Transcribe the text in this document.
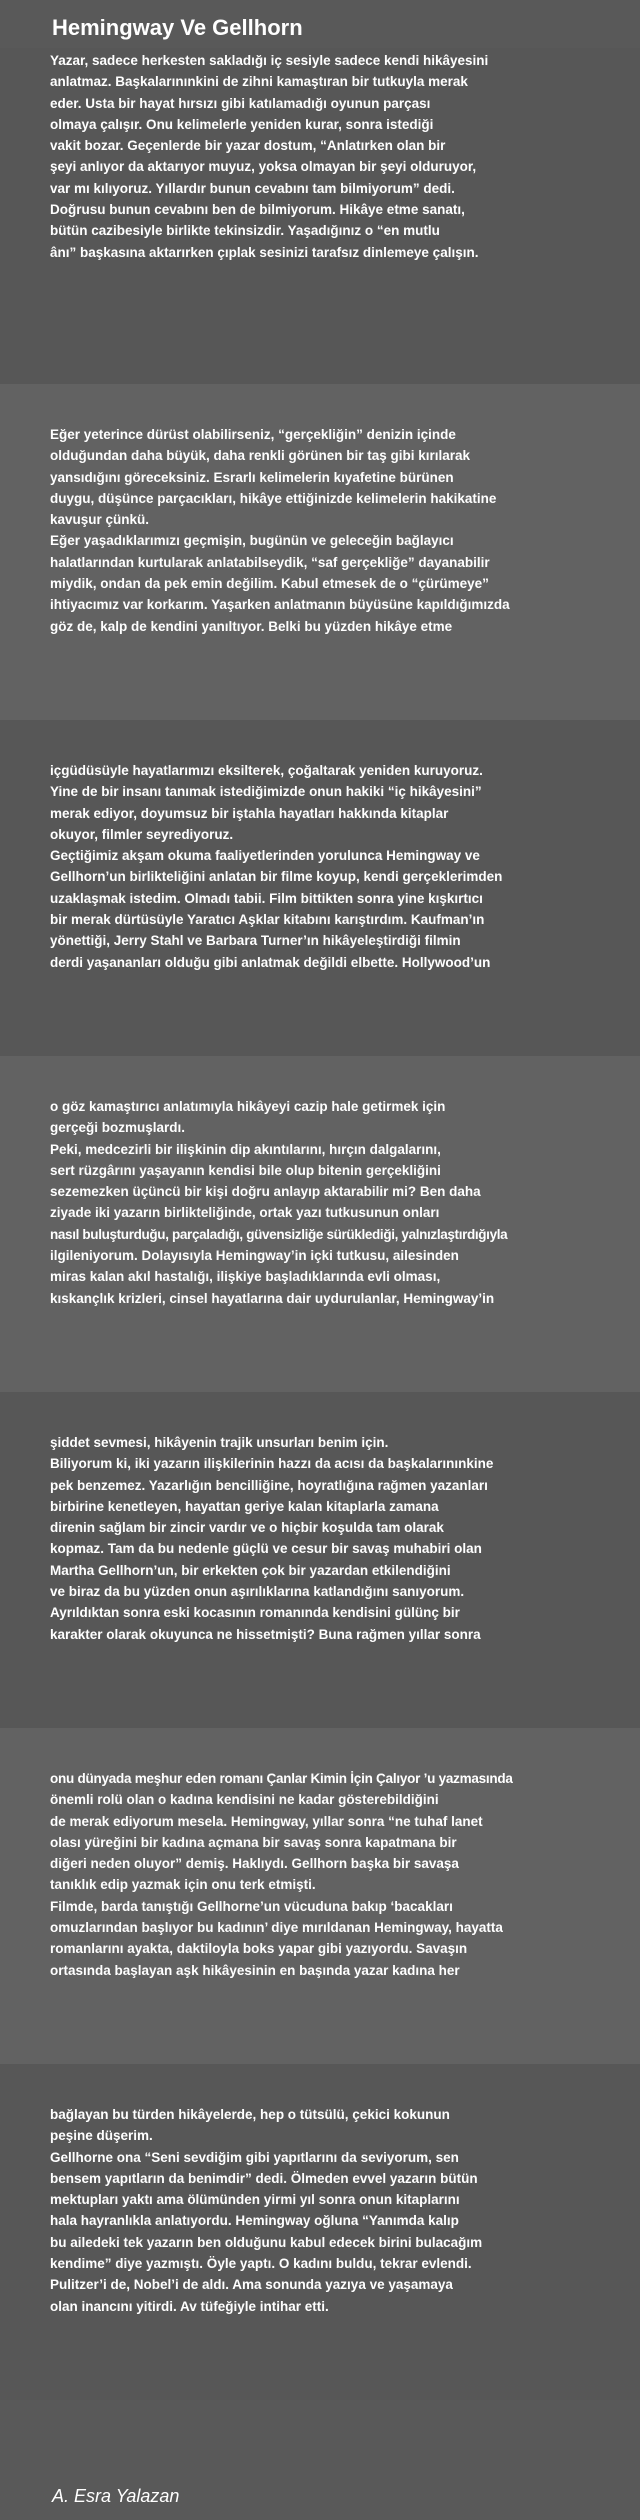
Hemingway Ve Gellhorn
Yazar, sadece herkesten sakladığı iç sesiyle sadece kendi hikâyesini
anlatmaz. Başkalarınınkini de zihni kamaştıran bir tutkuyla merak
eder. Usta bir hayat hırsızı gibi katılamadığı oyunun parçası
olmaya çalışır. Onu kelimelerle yeniden kurar, sonra istediği
vakit bozar. Geçenlerde bir yazar dostum, “Anlatırken olan bir
şeyi anlıyor da aktarıyor muyuz, yoksa olmayan bir şeyi olduruyor,
var mı kılıyoruz. Yıllardır bunun cevabını tam bilmiyorum” dedi.
Doğrusu bunun cevabını ben de bilmiyorum. Hikâye etme sanatı,
bütün cazibesiyle birlikte tekinsizdir. Yaşadığınız o “en mutlu
ânı” başkasına aktarırken çıplak sesinizi tarafsız dinlemeye çalışın.
Eğer yeterince dürüst olabilirseniz, “gerçekliğin” denizin içinde
olduğundan daha büyük, daha renkli görünen bir taş gibi kırılarak
yansıdığını göreceksiniz. Esrarlı kelimelerin kıyafetine bürünen
duygu, düşünce parçacıkları, hikâye ettiğinizde kelimelerin hakikatine
kavuşur çünkü.
Eğer yaşadıklarımızı geçmişin, bugünün ve geleceğin bağlayıcı
halatlarından kurtularak anlatabilseydik, “saf gerçekliğe” dayanabilir
miydik, ondan da pek emin değilim. Kabul etmesek de o “çürümeye”
ihtiyacımız var korkarım. Yaşarken anlatmanın büyüsüne kapıldığımızda
göz de, kalp de kendini yanıltıyor. Belki bu yüzden hikâye etme
içgüdüsüyle hayatlarımızı eksilterek, çoğaltarak yeniden kuruyoruz.
Yine de bir insanı tanımak istediğimizde onun hakiki “iç hikâyesini”
merak ediyor, doyumsuz bir iştahla hayatları hakkında kitaplar
okuyor, filmler seyrediyoruz.
Geçtiğimiz akşam okuma faaliyetlerinden yorulunca Hemingway ve
Gellhorn’un birlikteliğini anlatan bir filme koyup, kendi gerçeklerimden
uzaklaşmak istedim. Olmadı tabii. Film bittikten sonra yine kışkırtıcı
bir merak dürtüsüyle Yaratıcı Aşklar kitabını karıştırdım. Kaufman’ın
yönettiği, Jerry Stahl ve Barbara Turner’ın hikâyeleştirdiği filmin
derdi yaşananları olduğu gibi anlatmak değildi elbette. Hollywood’un
o göz kamaştırıcı anlatımıyla hikâyeyi cazip hale getirmek için
gerçeği bozmuşlardı.
Peki, medcezirli bir ilişkinin dip akıntılarını, hırçın dalgalarını,
sert rüzgârını yaşayanın kendisi bile olup bitenin gerçekliğini
sezemezken üçüncü bir kişi doğru anlayıp aktarabilir mi? Ben daha
ziyade iki yazarın birlikteliğinde, ortak yazı tutkusunun onları
nasıl buluşturduğu, parçaladığı, güvensizliğe sürüklediği, yalnızlaştırdığıyla
ilgileniyorum. Dolayısıyla Hemingway’in içki tutkusu, ailesinden
miras kalan akıl hastalığı, ilişkiye başladıklarında evli olması,
kıskançlık krizleri, cinsel hayatlarına dair uydurulanlar, Hemingway’in
şiddet sevmesi, hikâyenin trajik unsurları benim için.
Biliyorum ki, iki yazarın ilişkilerinin hazzı da acısı da başkalarınınkine
pek benzemez. Yazarlığın bencilliğine, hoyratlığına rağmen yazanları
birbirine kenetleyen, hayattan geriye kalan kitaplarla zamana
direnin sağlam bir zincir vardır ve o hiçbir koşulda tam olarak
kopmaz. Tam da bu nedenle güçlü ve cesur bir savaş muhabiri olan
Martha Gellhorn’un, bir erkekten çok bir yazardan etkilendiğini
ve biraz da bu yüzden onun aşırılıklarına katlandığını sanıyorum.
Ayrıldıktan sonra eski kocasının romanında kendisini gülünç bir
karakter olarak okuyunca ne hissetmişti? Buna rağmen yıllar sonra
onu dünyada meşhur eden romanı Çanlar Kimin İçin Çalıyor ’u yazmasında
önemli rolü olan o kadına kendisini ne kadar gösterebildiğini
de merak ediyorum mesela. Hemingway, yıllar sonra “ne tuhaf lanet
olası yüreğini bir kadına açmana bir savaş sonra kapatmana bir
diğeri neden oluyor” demiş. Haklıydı. Gellhorn başka bir savaşa
tanıklık edip yazmak için onu terk etmişti.
Filmde, barda tanıştığı Gellhorne’un vücuduna bakıp ‘bacakları
omuzlarından başlıyor bu kadının’ diye mırıldanan Hemingway, hayatta
romanlarını ayakta, daktiloyla boks yapar gibi yazıyordu. Savaşın
ortasında başlayan aşk hikâyesinin en başında yazar kadına her
bağlayan bu türden hikâyelerde, hep o tütsülü, çekici kokunun
peşine düşerim.
Gellhorne ona “Seni sevdiğim gibi yapıtlarını da seviyorum, sen
bensem yapıtların da benimdir” dedi. Ölmeden evvel yazarın bütün
mektupları yaktı ama ölümünden yirmi yıl sonra onun kitaplarını
hala hayranlıkla anlatıyordu. Hemingway oğluna “Yanımda kalıp
bu ailedeki tek yazarın ben olduğunu kabul edecek birini bulacağım
kendime” diye yazmıştı. Öyle yaptı. O kadını buldu, tekrar evlendi.
Pulitzer’i de, Nobel’i de aldı. Ama sonunda yazıya ve yaşamaya
olan inancını yitirdi. Av tüfeğiyle intihar etti.
A. Esra Yalazan
